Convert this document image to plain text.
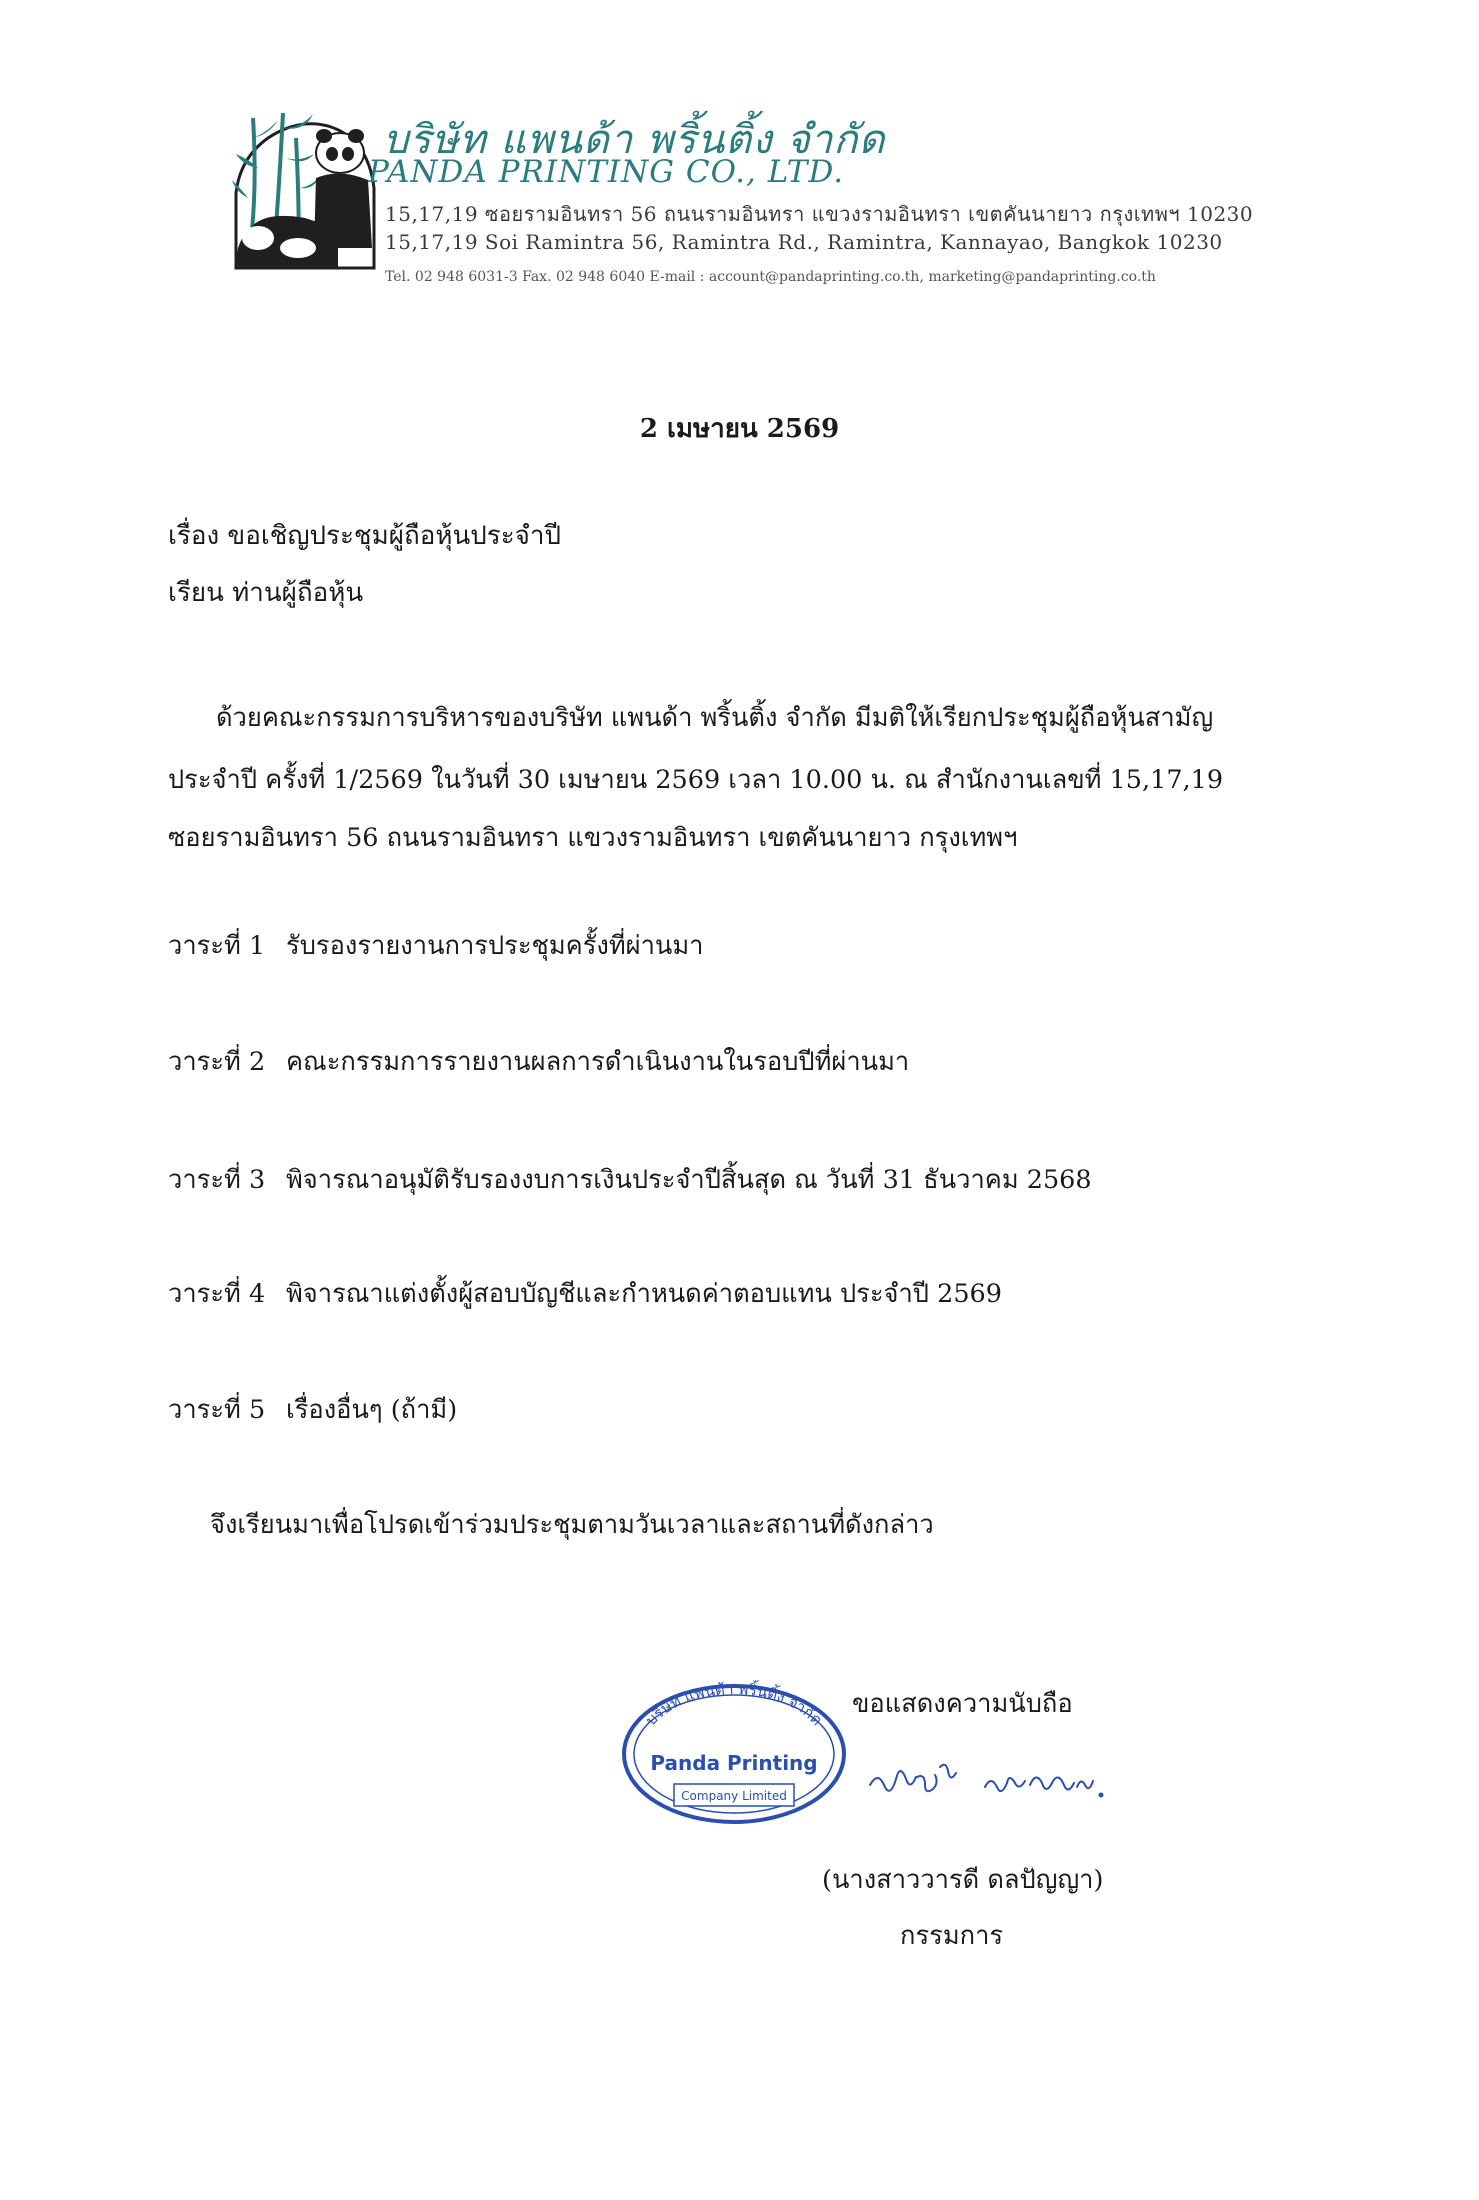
บริษัท แพนด้า พริ้นติ้ง จำกัด
PANDA PRINTING CO., LTD.
15,17,19 ซอยรามอินทรา 56 ถนนรามอินทรา แขวงรามอินทรา เขตคันนายาว กรุงเทพฯ 10230
15,17,19 Soi Ramintra 56, Ramintra Rd., Ramintra, Kannayao, Bangkok 10230
Tel. 02 948 6031-3 Fax. 02 948 6040 E-mail : account@pandaprinting.co.th, marketing@pandaprinting.co.th
2 เมษายน 2569
เรื่อง ขอเชิญประชุมผู้ถือหุ้นประจำปี
เรียน ท่านผู้ถือหุ้น
ด้วยคณะกรรมการบริหารของบริษัท แพนด้า พริ้นติ้ง จำกัด มีมติให้เรียกประชุมผู้ถือหุ้นสามัญ
ประจำปี ครั้งที่ 1/2569 ในวันที่ 30 เมษายน 2569 เวลา 10.00 น. ณ สำนักงานเลขที่ 15,17,19
ซอยรามอินทรา 56 ถนนรามอินทรา แขวงรามอินทรา เขตคันนายาว กรุงเทพฯ
วาระที่ 1 รับรองรายงานการประชุมครั้งที่ผ่านมา
วาระที่ 2 คณะกรรมการรายงานผลการดำเนินงานในรอบปีที่ผ่านมา
วาระที่ 3 พิจารณาอนุมัติรับรองงบการเงินประจำปีสิ้นสุด ณ วันที่ 31 ธันวาคม 2568
วาระที่ 4 พิจารณาแต่งตั้งผู้สอบบัญชีและกำหนดค่าตอบแทน ประจำปี 2569
วาระที่ 5 เรื่องอื่นๆ (ถ้ามี)
จึงเรียนมาเพื่อโปรดเข้าร่วมประชุมตามวันเวลาและสถานที่ดังกล่าว
ขอแสดงความนับถือ
บริษัท แพนด้า พริ้นติ้ง จำกัด
Panda Printing
Company Limited
(นางสาววารดี ดลปัญญา)
กรรมการ
